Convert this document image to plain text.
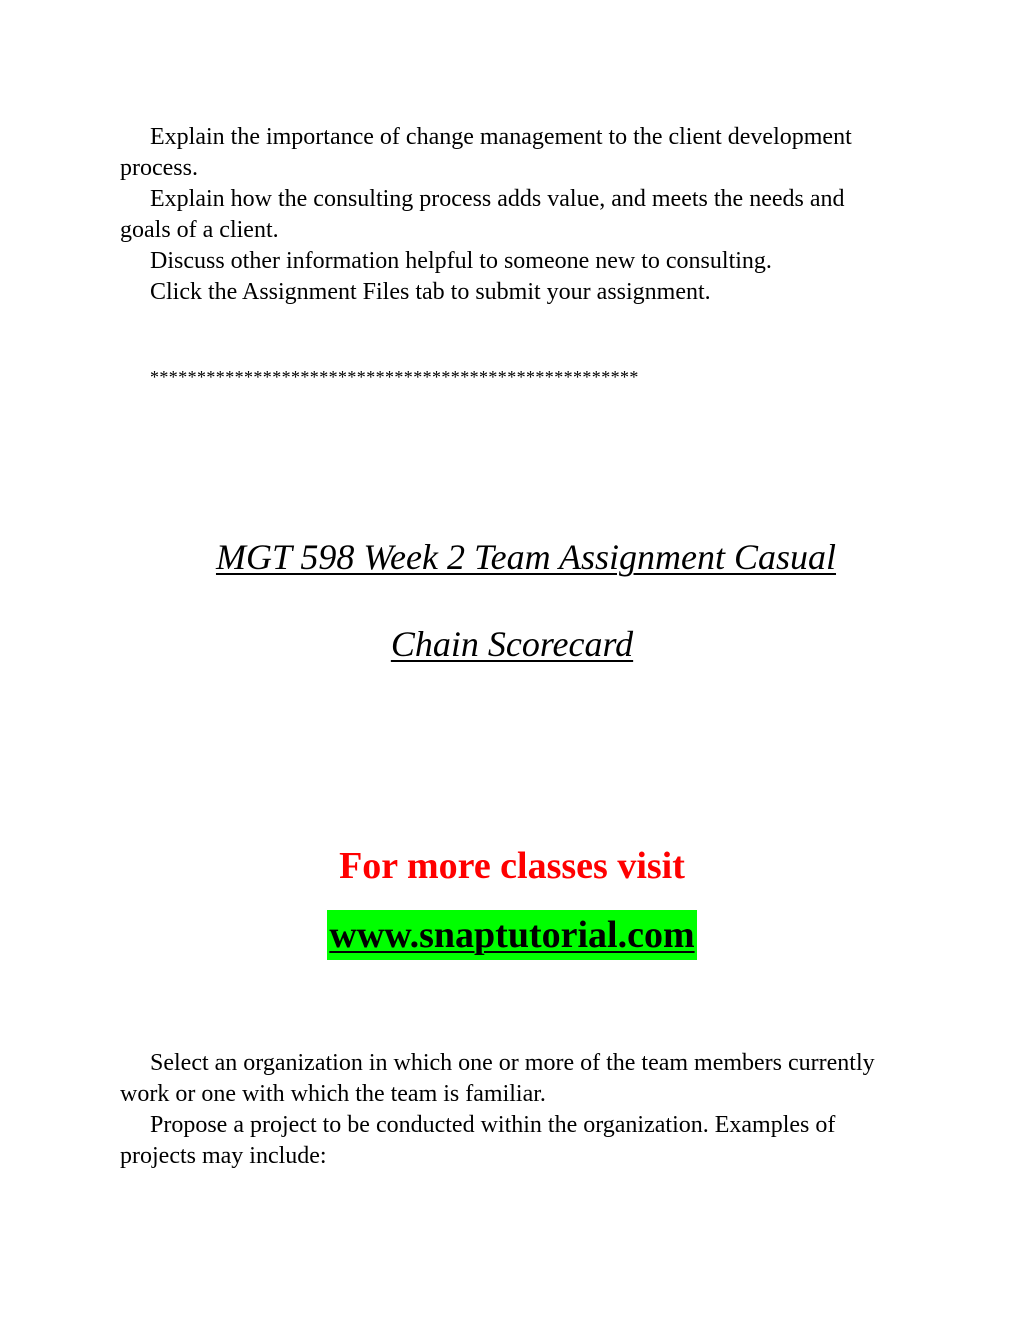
Explain the importance of change management to the client development process.

Explain how the consulting process adds value, and meets the needs and goals of a client.

Discuss other information helpful to someone new to consulting.

Click the Assignment Files tab to submit your assignment.

****************************************************
MGT 598 Week 2 Team Assignment Casual
Chain Scorecard
For more classes visit
www.snaptutorial.com

Select an organization in which one or more of the team members currently work or one with which the team is familiar.

Propose a project to be conducted within the organization. Examples of projects may include:
